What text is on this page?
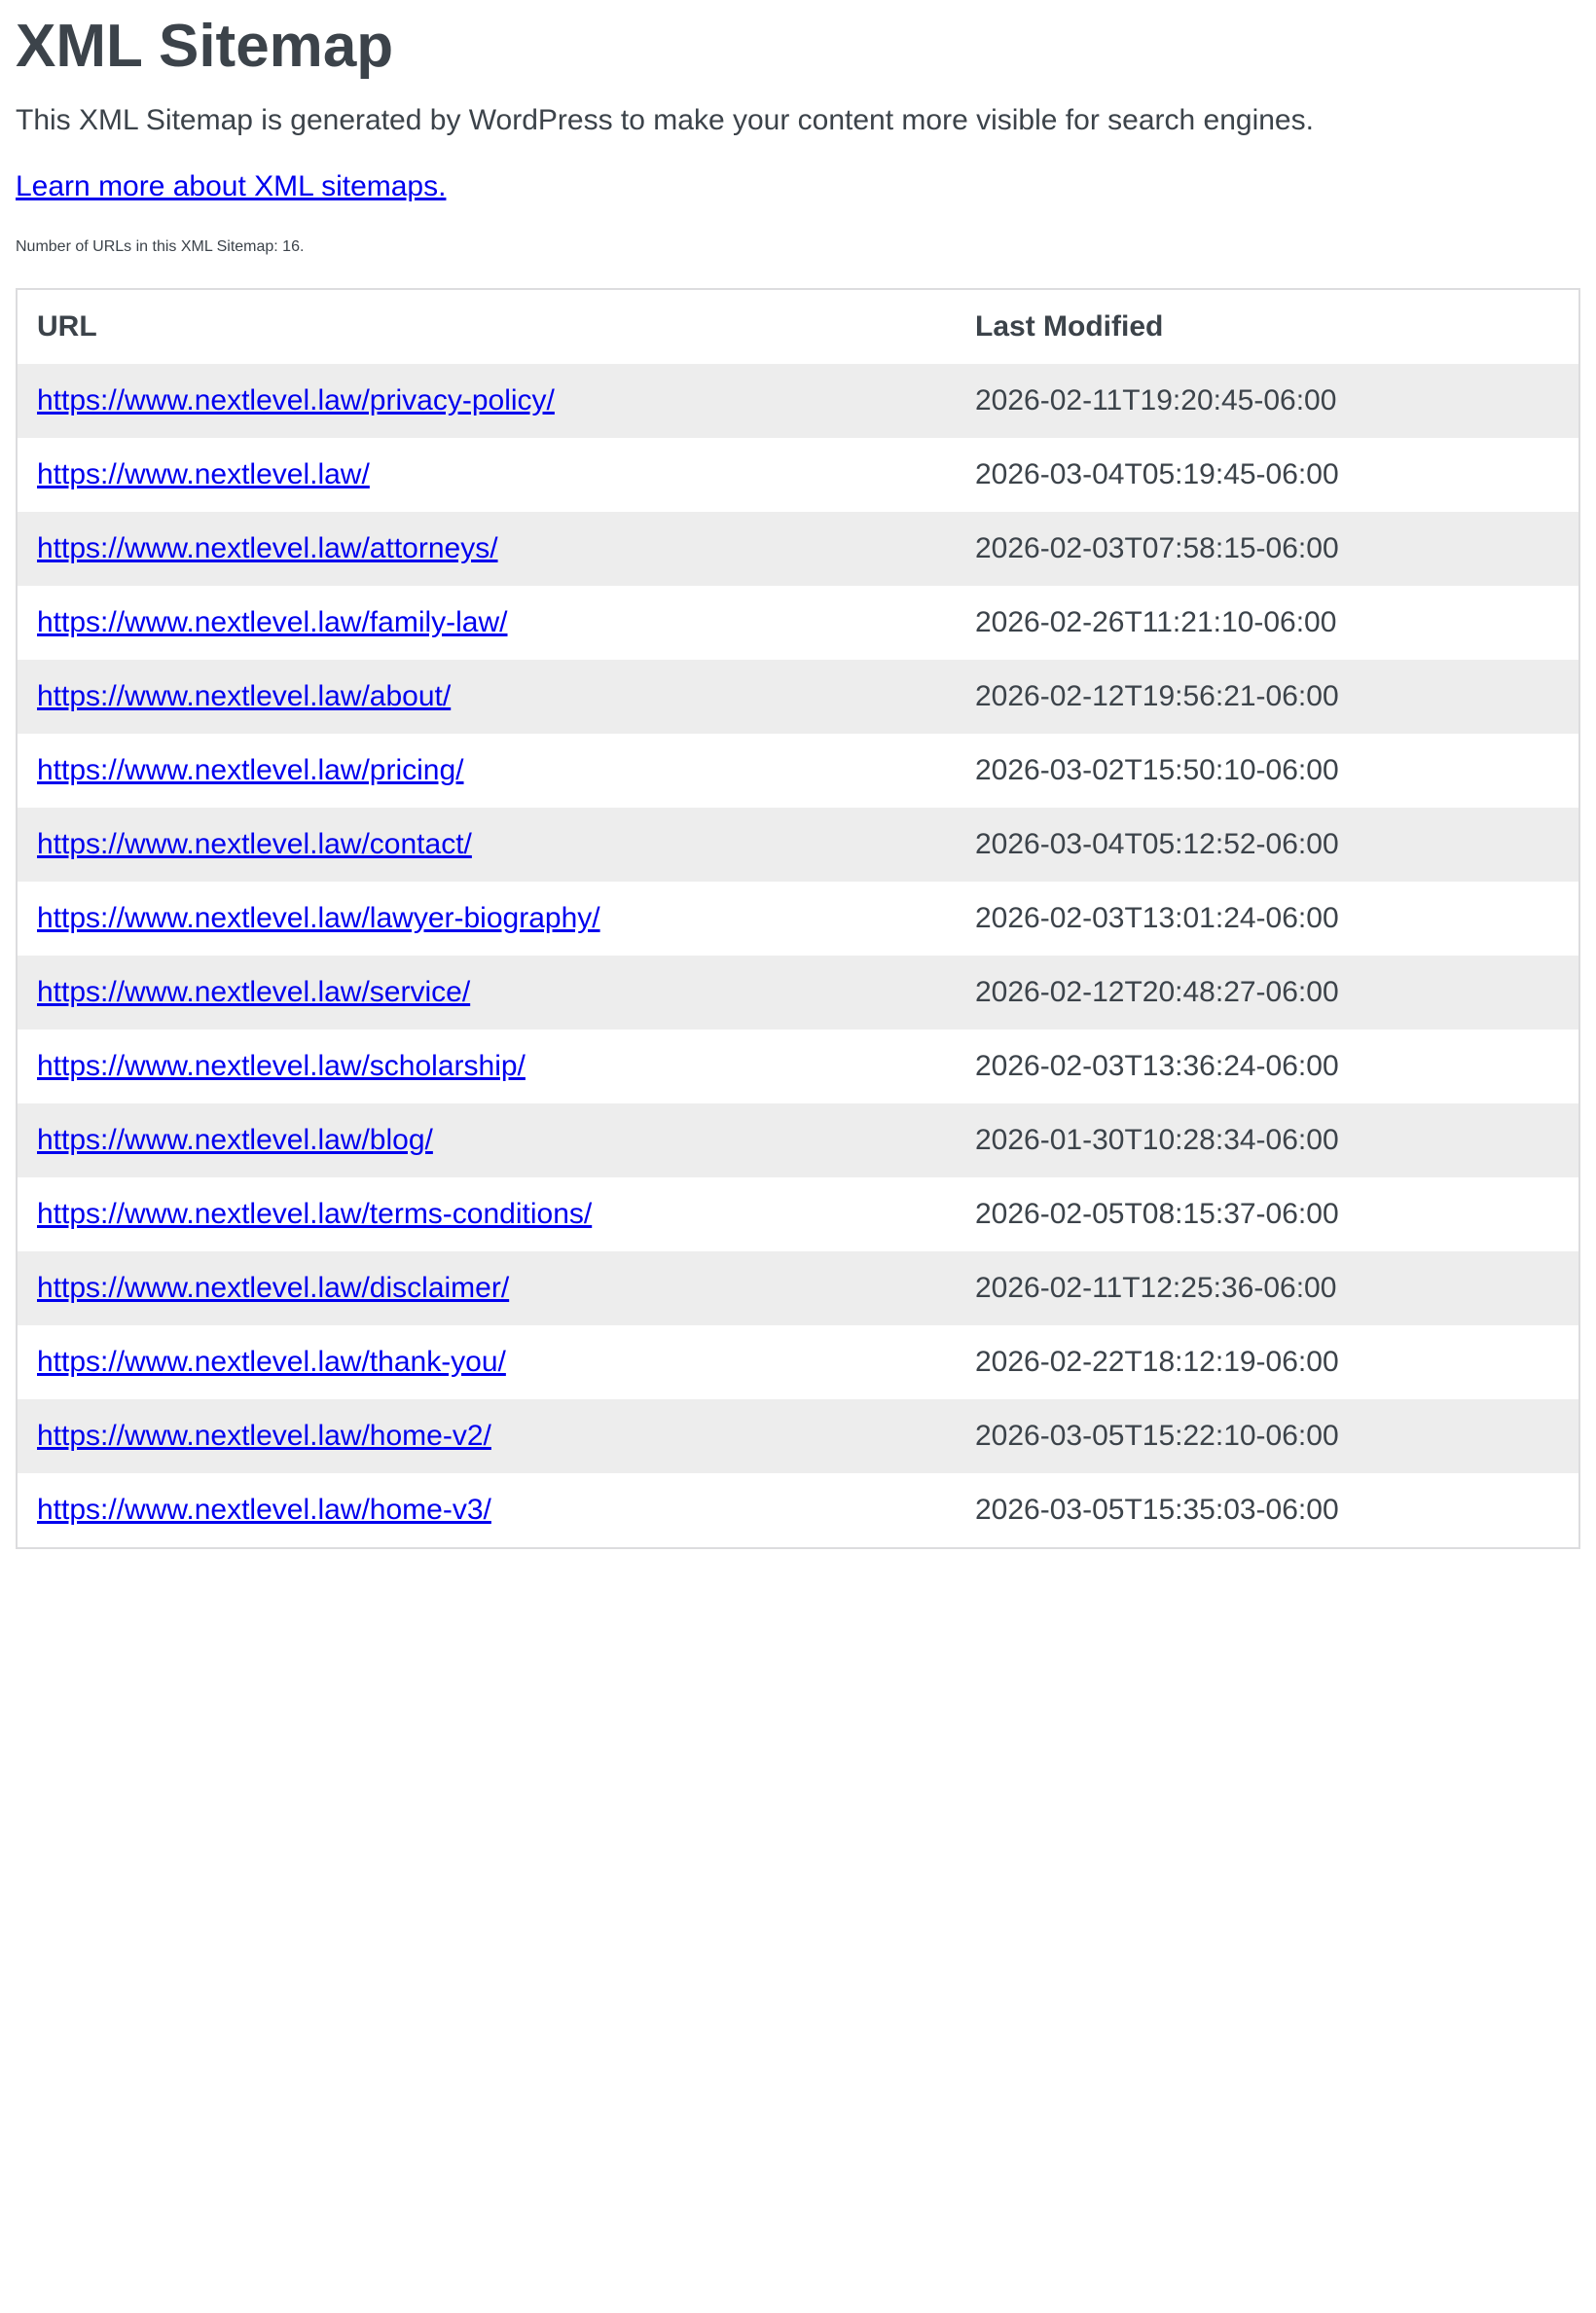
XML Sitemap

This XML Sitemap is generated by WordPress to make your content more visible for search engines.

Learn more about XML sitemaps.

Number of URLs in this XML Sitemap: 16.

URL	Last Modified
https://www.nextlevel.law/privacy-policy/	2026-02-11T19:20:45-06:00
https://www.nextlevel.law/	2026-03-04T05:19:45-06:00
https://www.nextlevel.law/attorneys/	2026-02-03T07:58:15-06:00
https://www.nextlevel.law/family-law/	2026-02-26T11:21:10-06:00
https://www.nextlevel.law/about/	2026-02-12T19:56:21-06:00
https://www.nextlevel.law/pricing/	2026-03-02T15:50:10-06:00
https://www.nextlevel.law/contact/	2026-03-04T05:12:52-06:00
https://www.nextlevel.law/lawyer-biography/	2026-02-03T13:01:24-06:00
https://www.nextlevel.law/service/	2026-02-12T20:48:27-06:00
https://www.nextlevel.law/scholarship/	2026-02-03T13:36:24-06:00
https://www.nextlevel.law/blog/	2026-01-30T10:28:34-06:00
https://www.nextlevel.law/terms-conditions/	2026-02-05T08:15:37-06:00
https://www.nextlevel.law/disclaimer/	2026-02-11T12:25:36-06:00
https://www.nextlevel.law/thank-you/	2026-02-22T18:12:19-06:00
https://www.nextlevel.law/home-v2/	2026-03-05T15:22:10-06:00
https://www.nextlevel.law/home-v3/	2026-03-05T15:35:03-06:00
